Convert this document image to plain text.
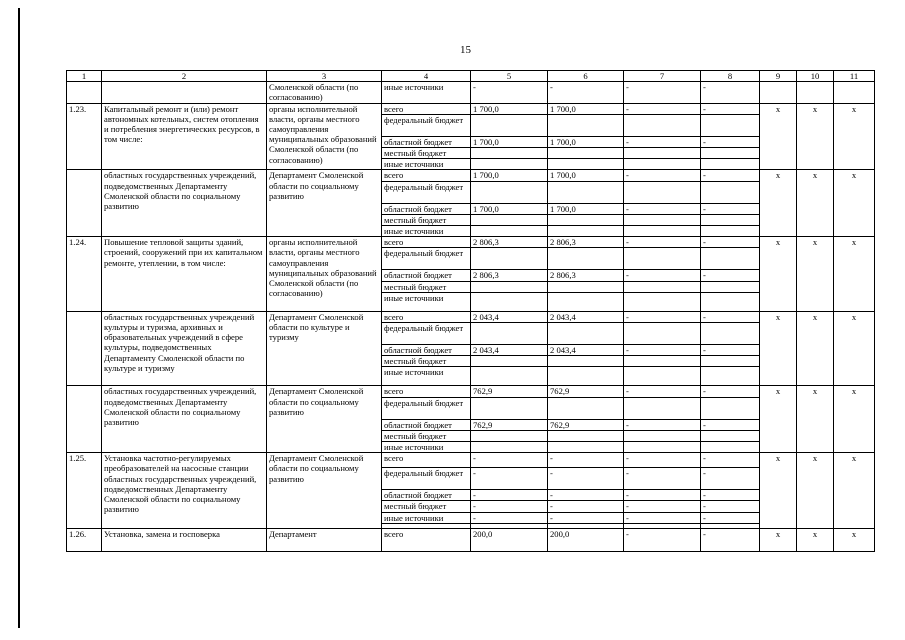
15
1	2	3	4	5	6	7	8	9	10	11
		Смоленской области (по согласованию)	иные источники	-	-	-	-			
1.23.	Капитальный ремонт и (или) ремонт автономных котельных, систем отопления и потребления энергетических ресурсов, в том числе:	органы исполнительной власти, органы местного самоуправления муниципальных образований Смоленской области (по согласованию)	всего	1 700,0	1 700,0	-	-	x	x	x
			федеральный бюджет							
			областной бюджет	1 700,0	1 700,0	-	-			
			местный бюджет							
			иные источники							
	областных государственных учреждений, подведомственных Департаменту Смоленской области по социальному развитию	Департамент Смоленской области по социальному развитию	всего	1 700,0	1 700,0	-	-	x	x	x
			федеральный бюджет							
			областной бюджет	1 700,0	1 700,0	-	-			
			местный бюджет							
			иные источники							
1.24.	Повышение тепловой защиты зданий, строений, сооружений при их капитальном ремонте, утеплении, в том числе:	органы исполнительной власти, органы местного самоуправления муниципальных образований Смоленской области (по согласованию)	всего	2 806,3	2 806,3	-	-	x	x	x
			федеральный бюджет							
			областной бюджет	2 806,3	2 806,3	-	-			
			местный бюджет							
			иные источники							
	областных государственных учреждений культуры и туризма, архивных и образовательных учреждений в сфере культуры, подведомственных Департаменту Смоленской области по культуре и туризму	Департамент Смоленской области по культуре и туризму	всего	2 043,4	2 043,4	-	-	x	x	x
			федеральный бюджет							
			областной бюджет	2 043,4	2 043,4	-	-			
			местный бюджет							
			иные источники							
	областных государственных учреждений, подведомственных Департаменту Смоленской области по социальному развитию	Департамент Смоленской области по социальному развитию	всего	762,9	762,9	-	-	x	x	x
			федеральный бюджет							
			областной бюджет	762,9	762,9	-	-			
			местный бюджет							
			иные источники							
1.25.	Установка частотно-регулируемых преобразователей на насосные станции областных государственных учреждений, подведомственных Департаменту Смоленской области по социальному развитию	Департамент Смоленской области по социальному развитию	всего	-	-	-	-	x	x	x
			федеральный бюджет	-	-	-	-			
			областной бюджет	-	-	-	-			
			местный бюджет	-	-	-	-			
			иные источники	-	-	-	-			

1.26.	Установка, замена и госповерка	Департамент	всего	200,0	200,0	-	-	x	x	x
